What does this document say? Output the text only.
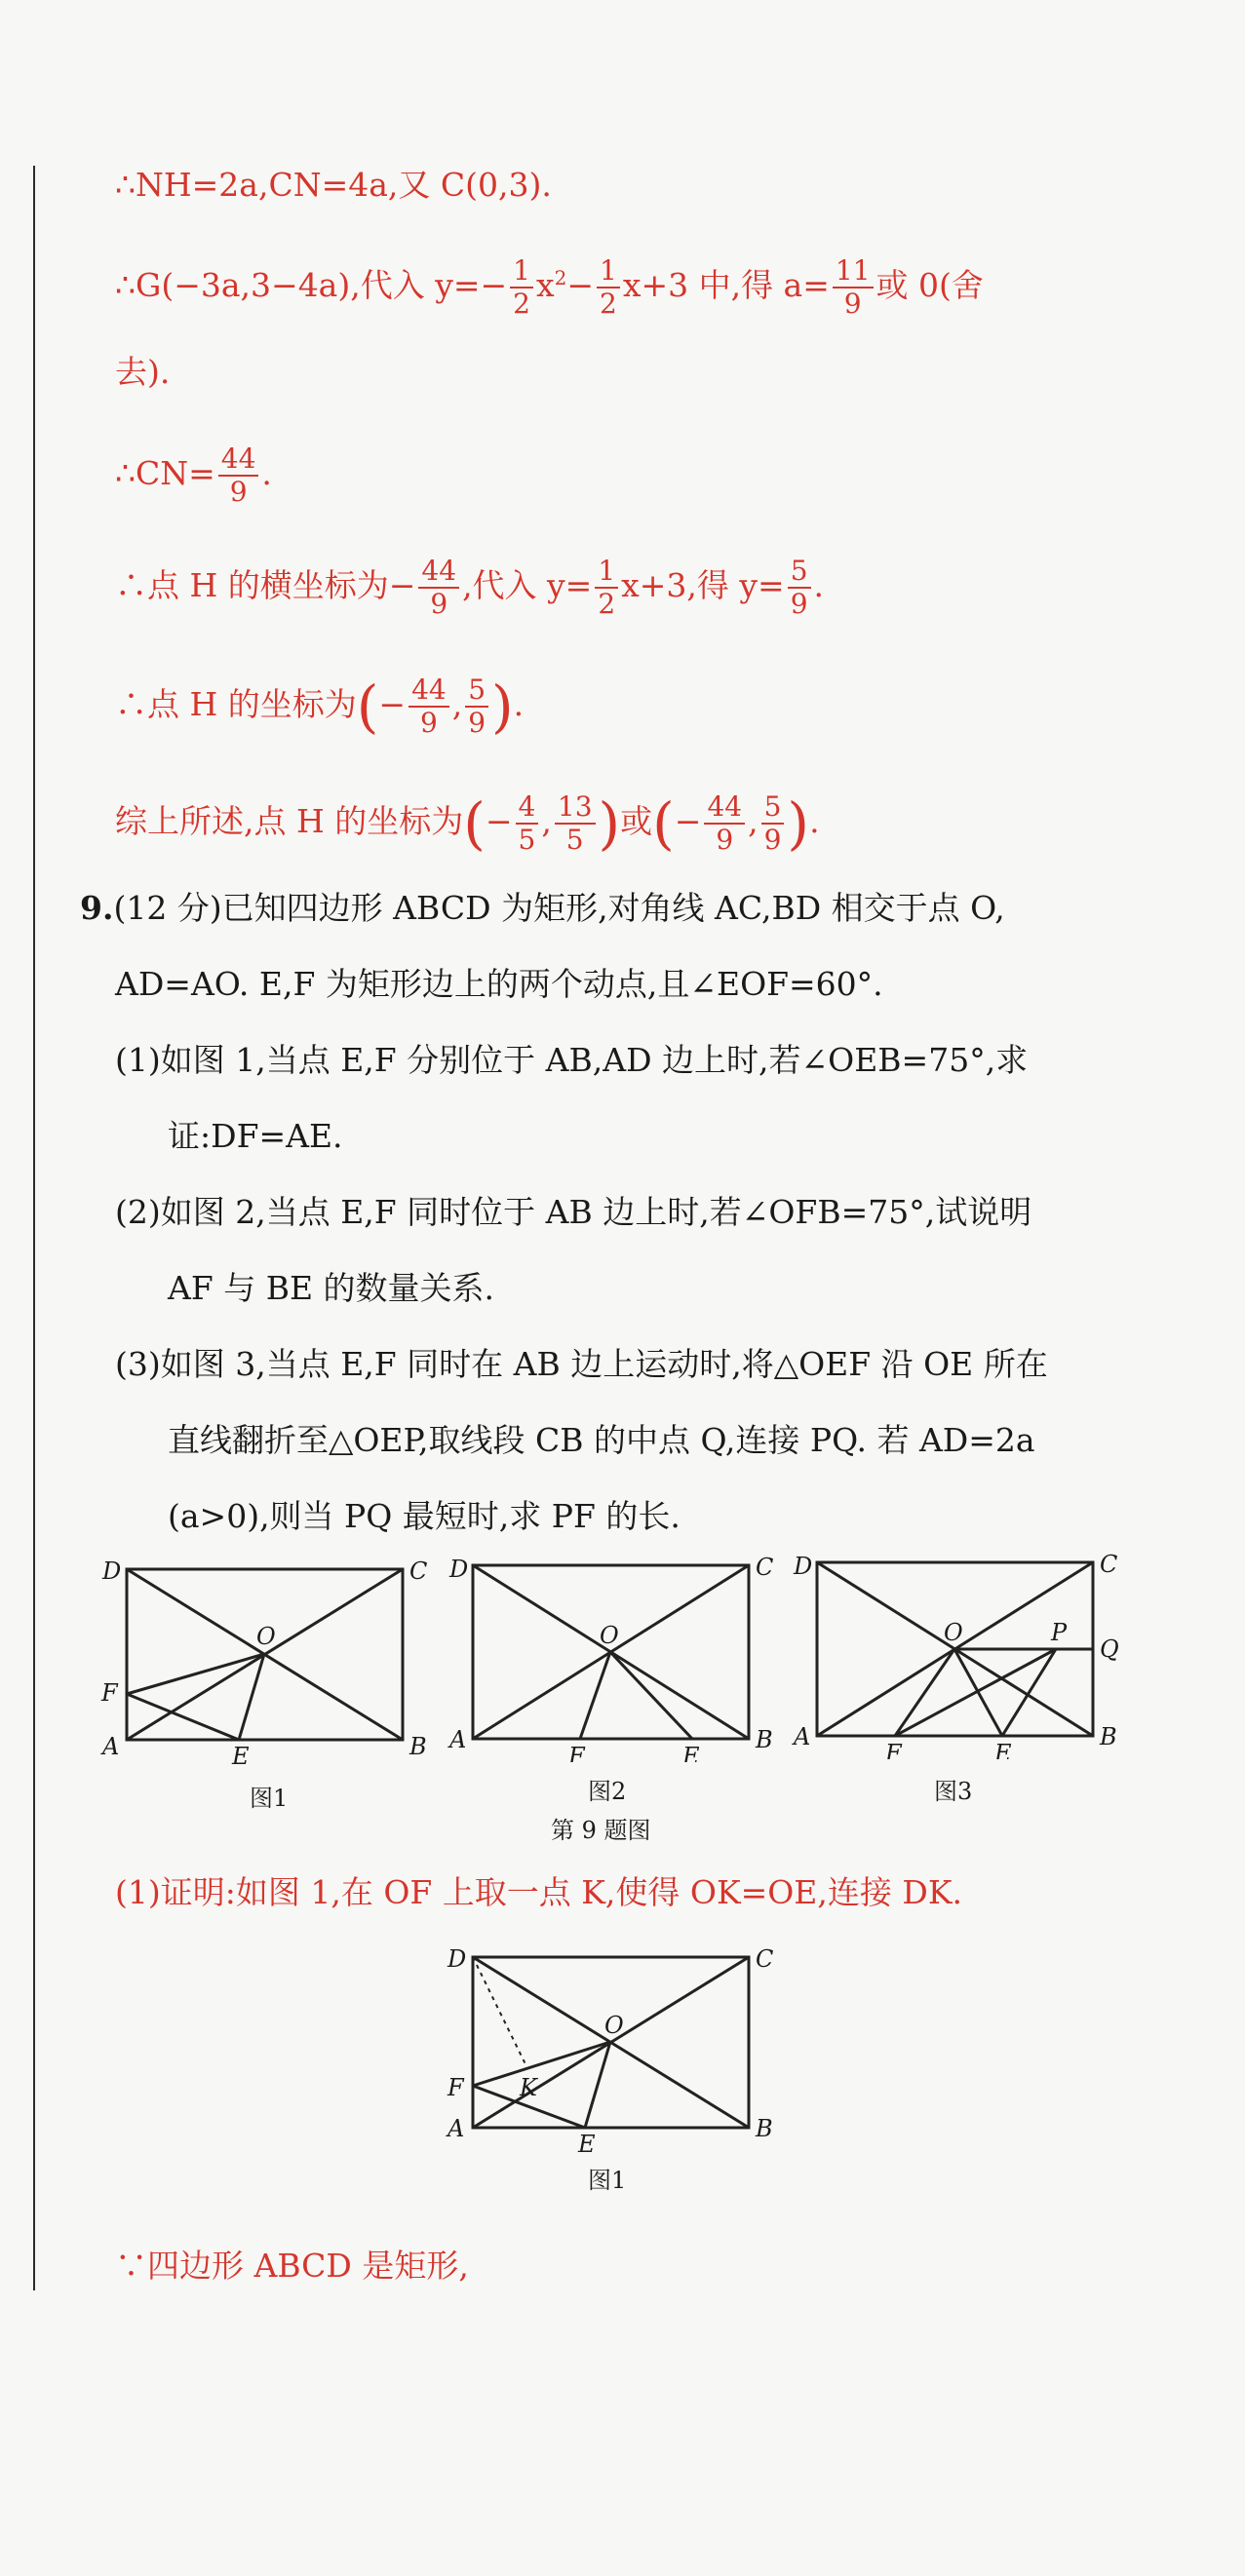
∴NH=2a,CN=4a,又 C(0,3).
∴G(−3a,3−4a),代入 $y=- \frac{1}{2} x^2- \frac{1}{2} x+3$ 中,得 $a= \frac{11}{9}$ 或 0(舍
去).
∴CN= $\frac{44}{9}$ .
∴点 H 的横坐标为− $\frac{44}{9}$ ,代入 $y= \frac{1}{2} x+3$,得 $y= \frac{5}{9}$ .
∴点 H 的坐标为(− $\frac{44}{9}$ , $\frac{5}{9}$ ).
综上所述,点 H 的坐标为(− $\frac{4}{5}$ , $\frac{13}{5}$ )或(− $\frac{44}{9}$ , $\frac{5}{9}$ ).
9.(12 分)已知四边形 ABCD 为矩形,对角线 AC,BD 相交于点 O,
AD=AO. E,F 为矩形边上的两个动点,且∠EOF=60°.
(1)如图 1,当点 E,F 分别位于 AB,AD 边上时,若∠OEB=75°,求
证:DF=AE.
(2)如图 2,当点 E,F 同时位于 AB 边上时,若∠OFB=75°,试说明
AF 与 BE 的数量关系.
(3)如图 3,当点 E,F 同时在 AB 边上运动时,将△OEF 沿 OE 所在
直线翻折至△OEP,取线段 CB 的中点 Q,连接 PQ. 若 AD=2a
(a>0),则当 PQ 最短时,求 PF 的长.
D	C
A	B
O
F
E
图1
D	C
A	B
O
F	E
图2
D	C
A	B
O	P
Q
F	E
图3
第 9 题图
(1)证明:如图 1,在 OF 上取一点 K,使得 OK=OE,连接 DK.
D	C
A	B
O
F K
E
图1
∵四边形 ABCD 是矩形,
